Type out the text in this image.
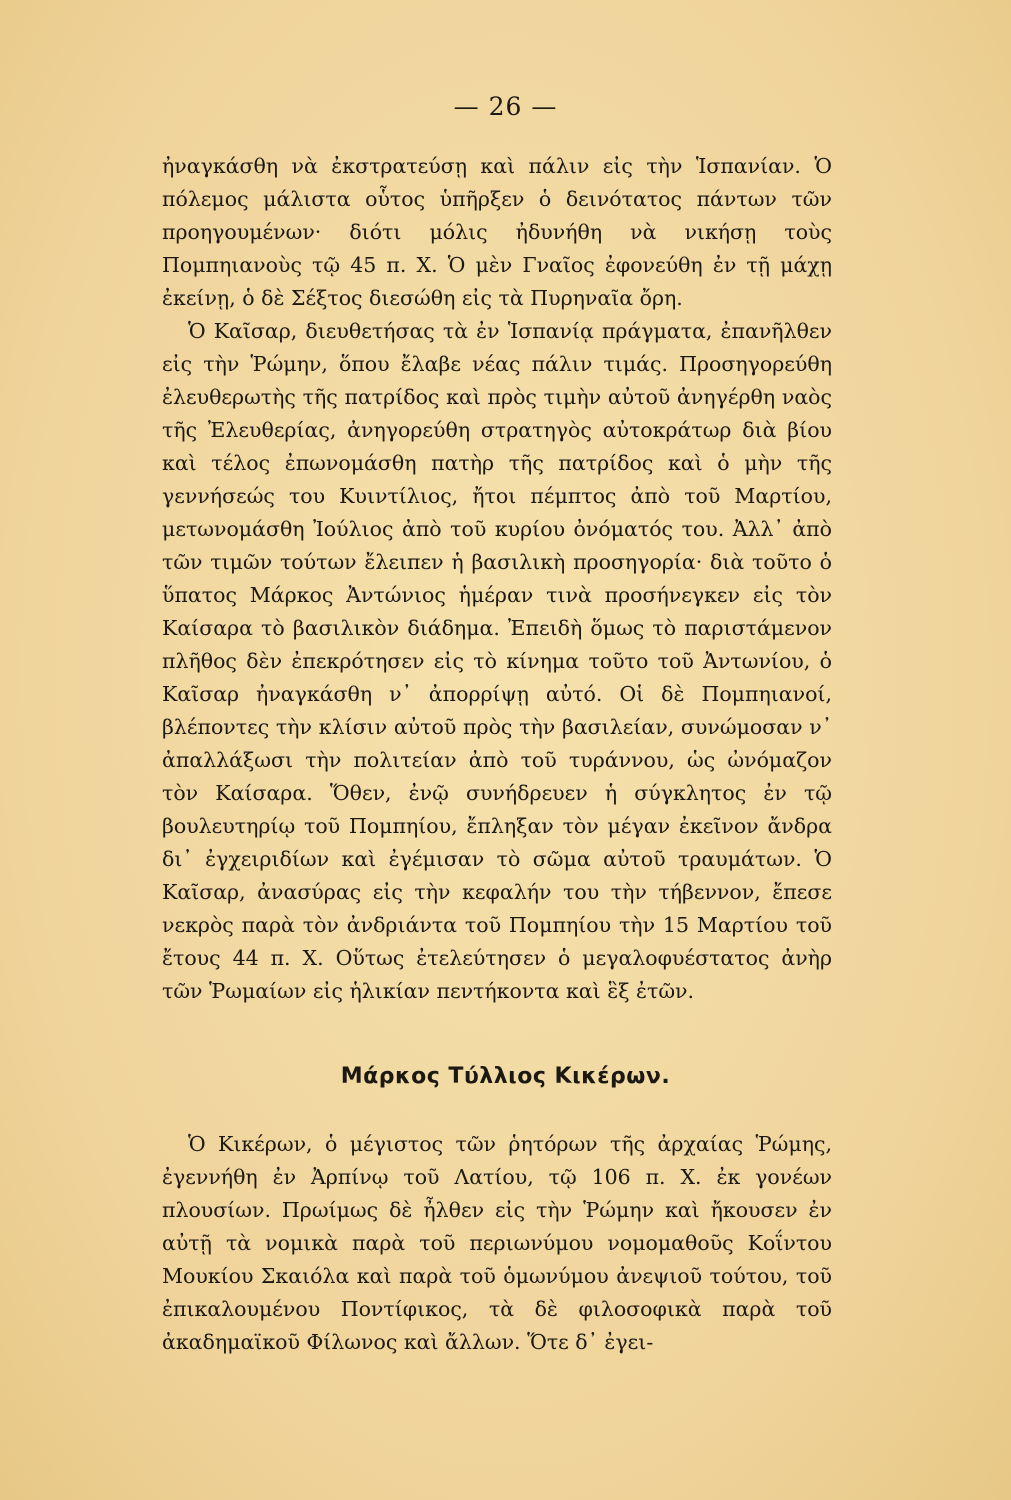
— 26 —

ἠναγκάσθη νὰ ἐκστρατεύσῃ καὶ πάλιν εἰς τὴν Ἱσπανίαν. Ὁ πόλεμος μάλιστα οὗτος ὑπῆρξεν ὁ δεινότατος πάντων τῶν προηγουμένων· διότι μόλις ἠδυνήθη νὰ νικήσῃ τοὺς Πομπηιανοὺς τῷ 45 π. Χ. Ὁ μὲν Γναῖος ἐφονεύθη ἐν τῇ μάχῃ ἐκείνῃ, ὁ δὲ Σέξτος διεσώθη εἰς τὰ Πυρηναῖα ὄρη.

Ὁ Καῖσαρ, διευθετήσας τὰ ἐν Ἱσπανίᾳ πράγματα, ἐπανῆλθεν εἰς τὴν Ῥώμην, ὅπου ἔλαβε νέας πάλιν τιμάς. Προσηγορεύθη ἐλευθερωτὴς τῆς πατρίδος καὶ πρὸς τιμὴν αὐτοῦ ἀνηγέρθη ναὸς τῆς Ἐλευθερίας, ἀνηγορεύθη στρατηγὸς αὐτοκράτωρ διὰ βίου καὶ τέλος ἐπωνομάσθη πατὴρ τῆς πατρίδος καὶ ὁ μὴν τῆς γεννήσεώς του Κυιντίλιος, ἤτοι πέμπτος ἀπὸ τοῦ Μαρτίου, μετωνομάσθη Ἰούλιος ἀπὸ τοῦ κυρίου ὀνόματός του. Ἀλλ᾽ ἀπὸ τῶν τιμῶν τούτων ἔλειπεν ἡ βασιλικὴ προσηγορία· διὰ τοῦτο ὁ ὕπατος Μάρκος Ἀντώνιος ἡμέραν τινὰ προσήνεγκεν εἰς τὸν Καίσαρα τὸ βασιλικὸν διάδημα. Ἐπειδὴ ὅμως τὸ παριστάμενον πλῆθος δὲν ἐπεκρότησεν εἰς τὸ κίνημα τοῦτο τοῦ Ἀντωνίου, ὁ Καῖσαρ ἠναγκάσθη ν᾽ ἀπορρίψῃ αὐτό. Οἱ δὲ Πομπηιανοί, βλέποντες τὴν κλίσιν αὐτοῦ πρὸς τὴν βασιλείαν, συνώμοσαν ν᾽ ἀπαλλάξωσι τὴν πολιτείαν ἀπὸ τοῦ τυράννου, ὡς ὠνόμαζον τὸν Καίσαρα. Ὅθεν, ἐνῷ συνήδρευεν ἡ σύγκλητος ἐν τῷ βουλευτηρίῳ τοῦ Πομπηίου, ἔπληξαν τὸν μέγαν ἐκεῖνον ἄνδρα δι᾽ ἐγχειριδίων καὶ ἐγέμισαν τὸ σῶμα αὐτοῦ τραυμάτων. Ὁ Καῖσαρ, ἀνασύρας εἰς τὴν κεφαλήν του τὴν τήβεννον, ἔπεσε νεκρὸς παρὰ τὸν ἀνδριάντα τοῦ Πομπηίου τὴν 15 Μαρτίου τοῦ ἔτους 44 π. Χ. Οὕτως ἐτελεύτησεν ὁ μεγαλοφυέστατος ἀνὴρ τῶν Ῥωμαίων εἰς ἡλικίαν πεντήκοντα καὶ ἓξ ἐτῶν.

Μάρκος Τύλλιος Κικέρων.

Ὁ Κικέρων, ὁ μέγιστος τῶν ῥητόρων τῆς ἀρχαίας Ῥώμης, ἐγεννήθη ἐν Ἀρπίνῳ τοῦ Λατίου, τῷ 106 π. Χ. ἐκ γονέων πλουσίων. Πρωίμως δὲ ἦλθεν εἰς τὴν Ῥώμην καὶ ἤκουσεν ἐν αὐτῇ τὰ νομικὰ παρὰ τοῦ περιωνύμου νομομαθοῦς Κοΐντου Μουκίου Σκαιόλα καὶ παρὰ τοῦ ὁμωνύμου ἀνεψιοῦ τούτου, τοῦ ἐπικαλουμένου Ποντίφικος, τὰ δὲ φιλοσοφικὰ παρὰ τοῦ ἀκαδημαϊκοῦ Φίλωνος καὶ ἄλλων. Ὅτε δ᾽ ἐγει-
